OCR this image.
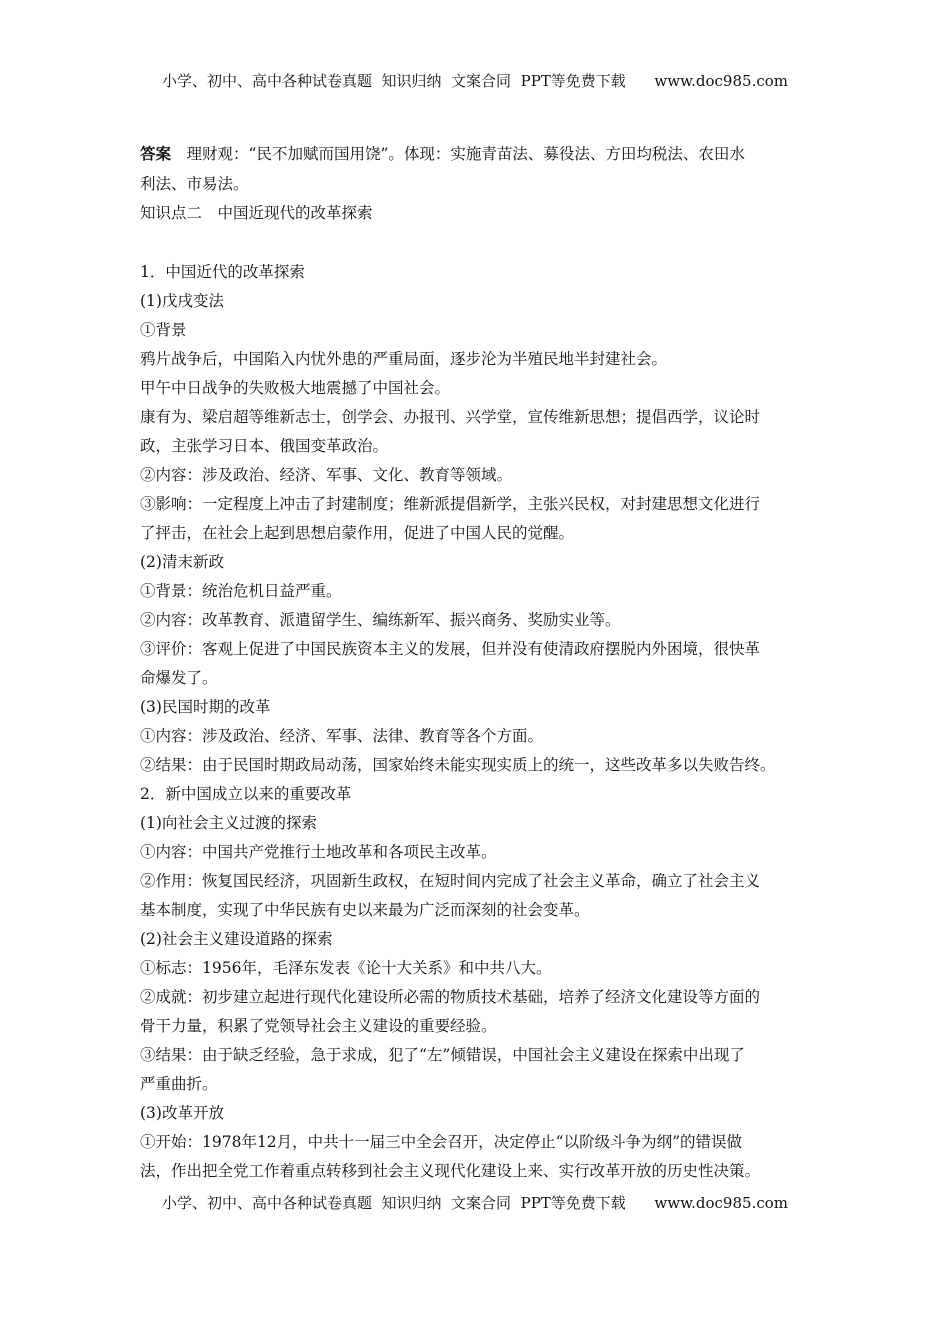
小学、初中、高中各种试卷真题  知识归纳  文案合同  PPT等免费下载      www.doc985.com
答案　 理财观：“民不加赋而国用饶”。体现：实施青苗法、募役法、方田均税法、农田水
利法、市易法。
知识点二　中国近现代的改革探索
1．中国近代的改革探索
(1)戊戌变法
①背景
鸦片战争后，中国陷入内忧外患的严重局面，逐步沦为半殖民地半封建社会。
甲午中日战争的失败极大地震撼了中国社会。
康有为、梁启超等维新志士，创学会、办报刊、兴学堂，宣传维新思想；提倡西学，议论时
政，主张学习日本、俄国变革政治。
②内容：涉及政治、经济、军事、文化、教育等领域。
③影响：一定程度上冲击了封建制度；维新派提倡新学，主张兴民权，对封建思想文化进行
了抨击，在社会上起到思想启蒙作用，促进了中国人民的觉醒。
(2)清末新政
①背景：统治危机日益严重。
②内容：改革教育、派遣留学生、编练新军、振兴商务、奖励实业等。
③评价：客观上促进了中国民族资本主义的发展，但并没有使清政府摆脱内外困境，很快革
命爆发了。
(3)民国时期的改革
①内容：涉及政治、经济、军事、法律、教育等各个方面。
②结果：由于民国时期政局动荡，国家始终未能实现实质上的统一，这些改革多以失败告终。
2．新中国成立以来的重要改革
(1)向社会主义过渡的探索
①内容：中国共产党推行土地改革和各项民主改革。
②作用：恢复国民经济，巩固新生政权，在短时间内完成了社会主义革命，确立了社会主义
基本制度，实现了中华民族有史以来最为广泛而深刻的社会变革。
(2)社会主义建设道路的探索
①标志：1956年，毛泽东发表《论十大关系》和中共八大。
②成就：初步建立起进行现代化建设所必需的物质技术基础，培养了经济文化建设等方面的
骨干力量，积累了党领导社会主义建设的重要经验。
③结果：由于缺乏经验，急于求成，犯了“左”倾错误，中国社会主义建设在探索中出现了
严重曲折。
(3)改革开放
①开始：1978年12月，中共十一届三中全会召开，决定停止“以阶级斗争为纲”的错误做
法，作出把全党工作着重点转移到社会主义现代化建设上来、实行改革开放的历史性决策。
小学、初中、高中各种试卷真题  知识归纳  文案合同  PPT等免费下载      www.doc985.com
